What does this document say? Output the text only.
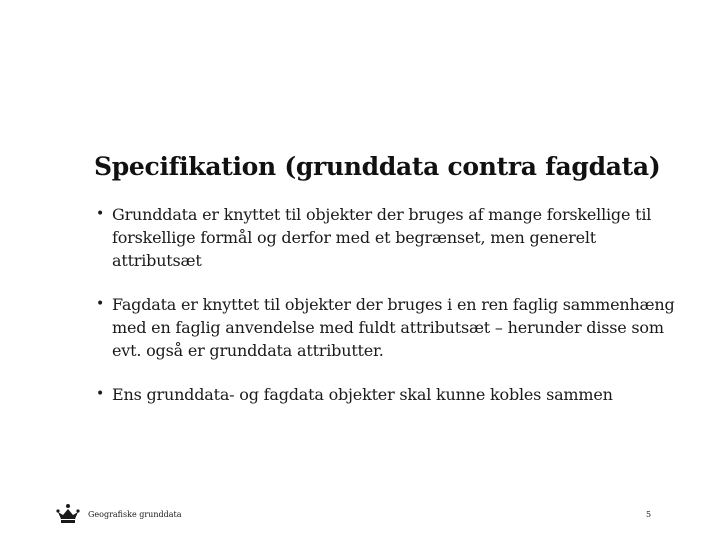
Specifikation (grunddata contra fagdata)
• Grunddata er knyttet til objekter der bruges af mange forskellige til forskellige formål og derfor med et begrænset, men generelt attributsæt
• Fagdata er knyttet til objekter der bruges i en ren faglig sammenhæng med en faglig anvendelse med fuldt attributsæt – herunder disse som evt. også er grunddata attributter.
• Ens grunddata- og fagdata objekter skal kunne kobles sammen
Geografiske grunddata	5
